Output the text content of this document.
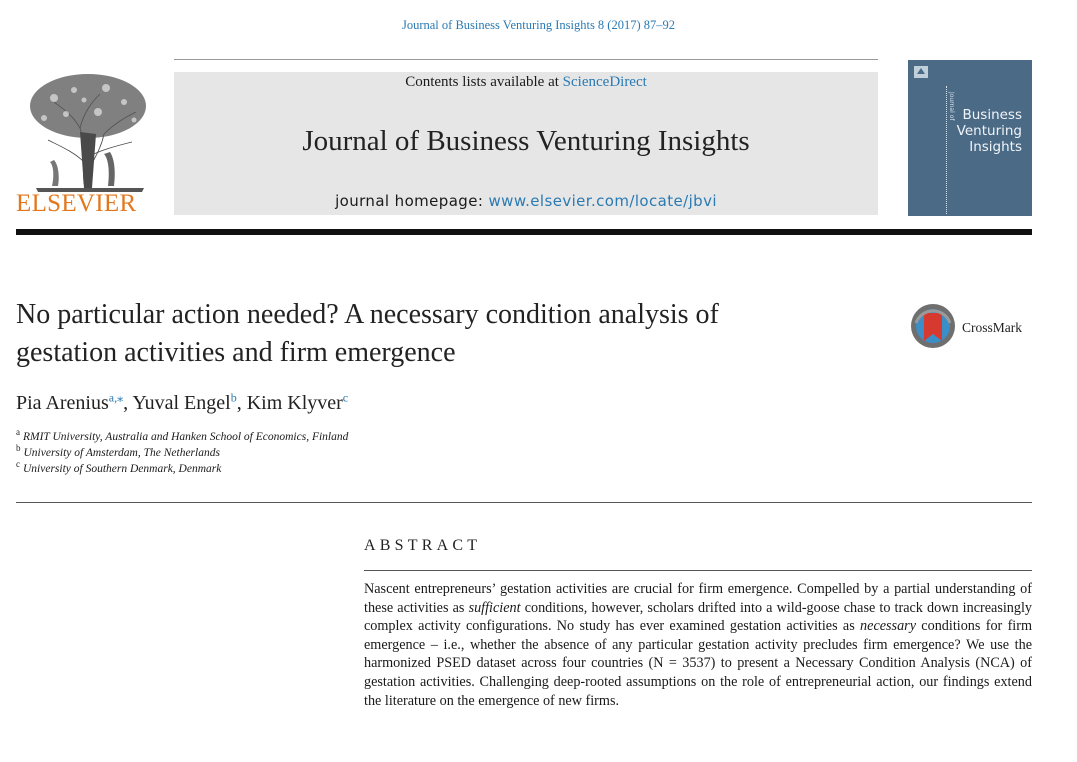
Journal of Business Venturing Insights 8 (2017) 87–92
ELSEVIER
Contents lists available at ScienceDirect
Journal of Business Venturing Insights
journal homepage: www.elsevier.com/locate/jbvi
Journal of Business
Venturing
Insights
No particular action needed? A necessary condition analysis of
gestation activities and firm emergence
CrossMark
Pia Arenius$^{a,⁎}$, Yuval Engel$^b$, Kim Klyver$^c$
$^a$ RMIT University, Australia and Hanken School of Economics, Finland
$^b$ University of Amsterdam, The Netherlands
$^c$ University of Southern Denmark, Denmark
ABSTRACT

Nascent entrepreneurs’ gestation activities are crucial for firm emergence. Compelled by a partial understanding of these activities as sufficient conditions, however, scholars drifted into a wild-goose chase to track down increasingly complex activity configurations. No study has ever examined gestation activities as necessary conditions for firm emergence – i.e., whether the absence of any particular gestation activity precludes firm emergence? We use the harmonized PSED dataset across four countries (N = 3537) to present a Necessary Condition Analysis (NCA) of gestation activities. Challenging deep-rooted assumptions on the role of entrepreneurial action, our findings extend the literature on the emergence of new firms.
